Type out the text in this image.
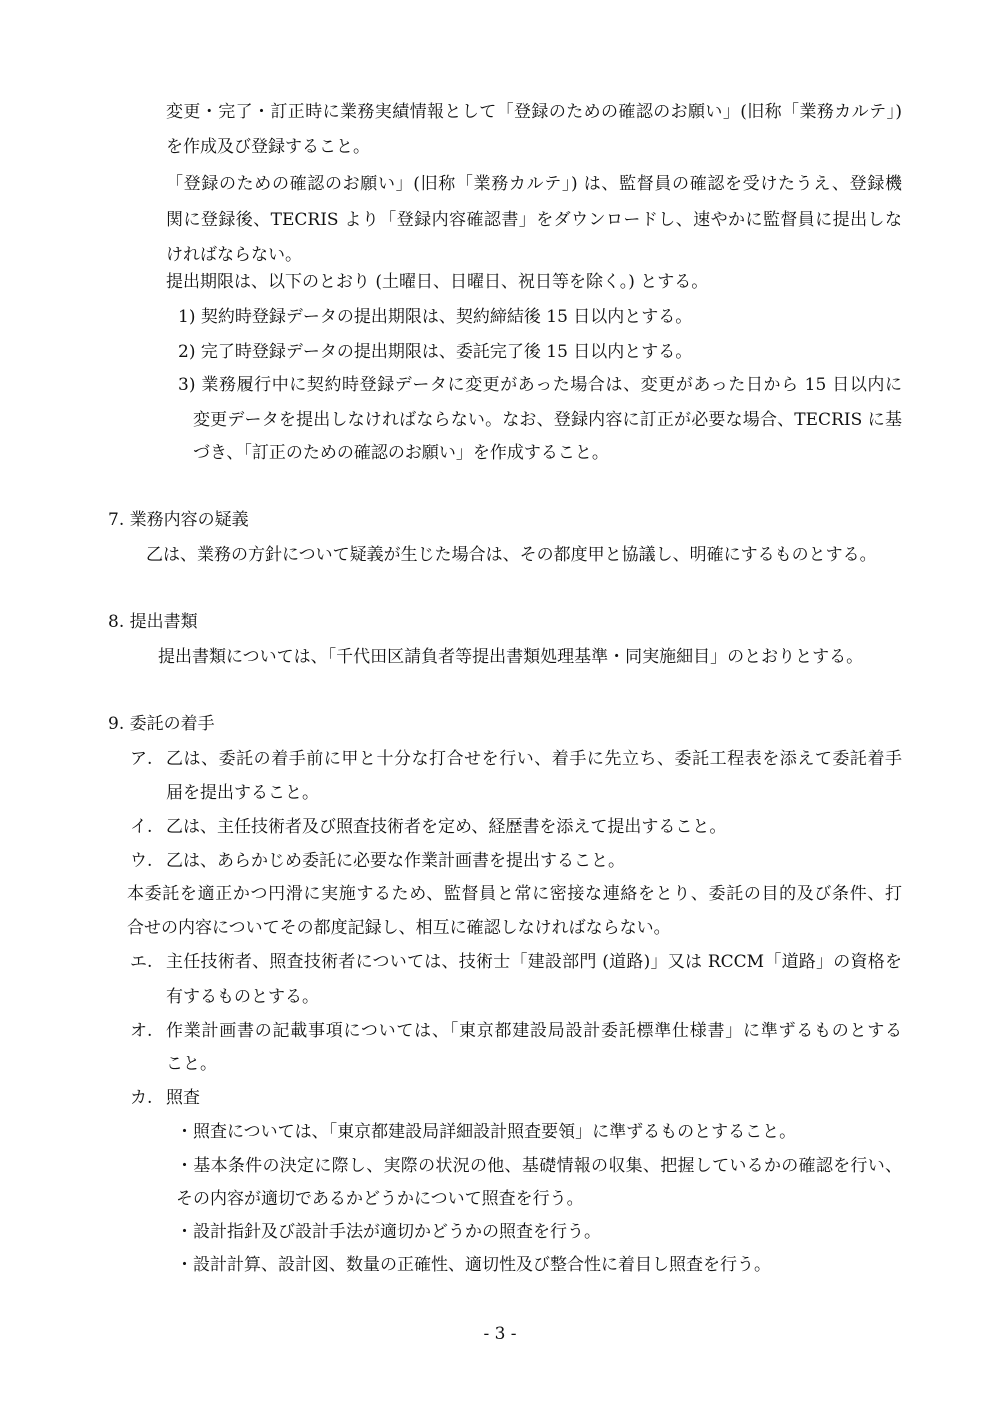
変更・完了・訂正時に業務実績情報として「登録のための確認のお願い」(旧称「業務カルテ」)
を作成及び登録すること。
「登録のための確認のお願い」(旧称「業務カルテ」) は、監督員の確認を受けたうえ、登録機
関に登録後、TECRIS より「登録内容確認書」をダウンロードし、速やかに監督員に提出しな
ければならない。
提出期限は、以下のとおり (土曜日、日曜日、祝日等を除く。) とする。
1) 契約時登録データの提出期限は、契約締結後 15 日以内とする。
2) 完了時登録データの提出期限は、委託完了後 15 日以内とする。
3) 業務履行中に契約時登録データに変更があった場合は、変更があった日から 15 日以内に
変更データを提出しなければならない。なお、登録内容に訂正が必要な場合、TECRIS に基
づき、「訂正のための確認のお願い」を作成すること。
7. 業務内容の疑義
乙は、業務の方針について疑義が生じた場合は、その都度甲と協議し、明確にするものとする。
8. 提出書類
提出書類については、「千代田区請負者等提出書類処理基準・同実施細目」のとおりとする。
9. 委託の着手
ア. 乙は、委託の着手前に甲と十分な打合せを行い、着手に先立ち、委託工程表を添えて委託着手
届を提出すること。
イ. 乙は、主任技術者及び照査技術者を定め、経歴書を添えて提出すること。
ウ. 乙は、あらかじめ委託に必要な作業計画書を提出すること。
本委託を適正かつ円滑に実施するため、監督員と常に密接な連絡をとり、委託の目的及び条件、打
合せの内容についてその都度記録し、相互に確認しなければならない。
エ. 主任技術者、照査技術者については、技術士「建設部門 (道路)」又は RCCM「道路」の資格を
有するものとする。
オ. 作業計画書の記載事項については、「東京都建設局設計委託標準仕様書」に準ずるものとする
こと。
カ. 照査
・照査については、「東京都建設局詳細設計照査要領」に準ずるものとすること。
・基本条件の決定に際し、実際の状況の他、基礎情報の収集、把握しているかの確認を行い、
その内容が適切であるかどうかについて照査を行う。
・設計指針及び設計手法が適切かどうかの照査を行う。
・設計計算、設計図、数量の正確性、適切性及び整合性に着目し照査を行う。
- 3 -
